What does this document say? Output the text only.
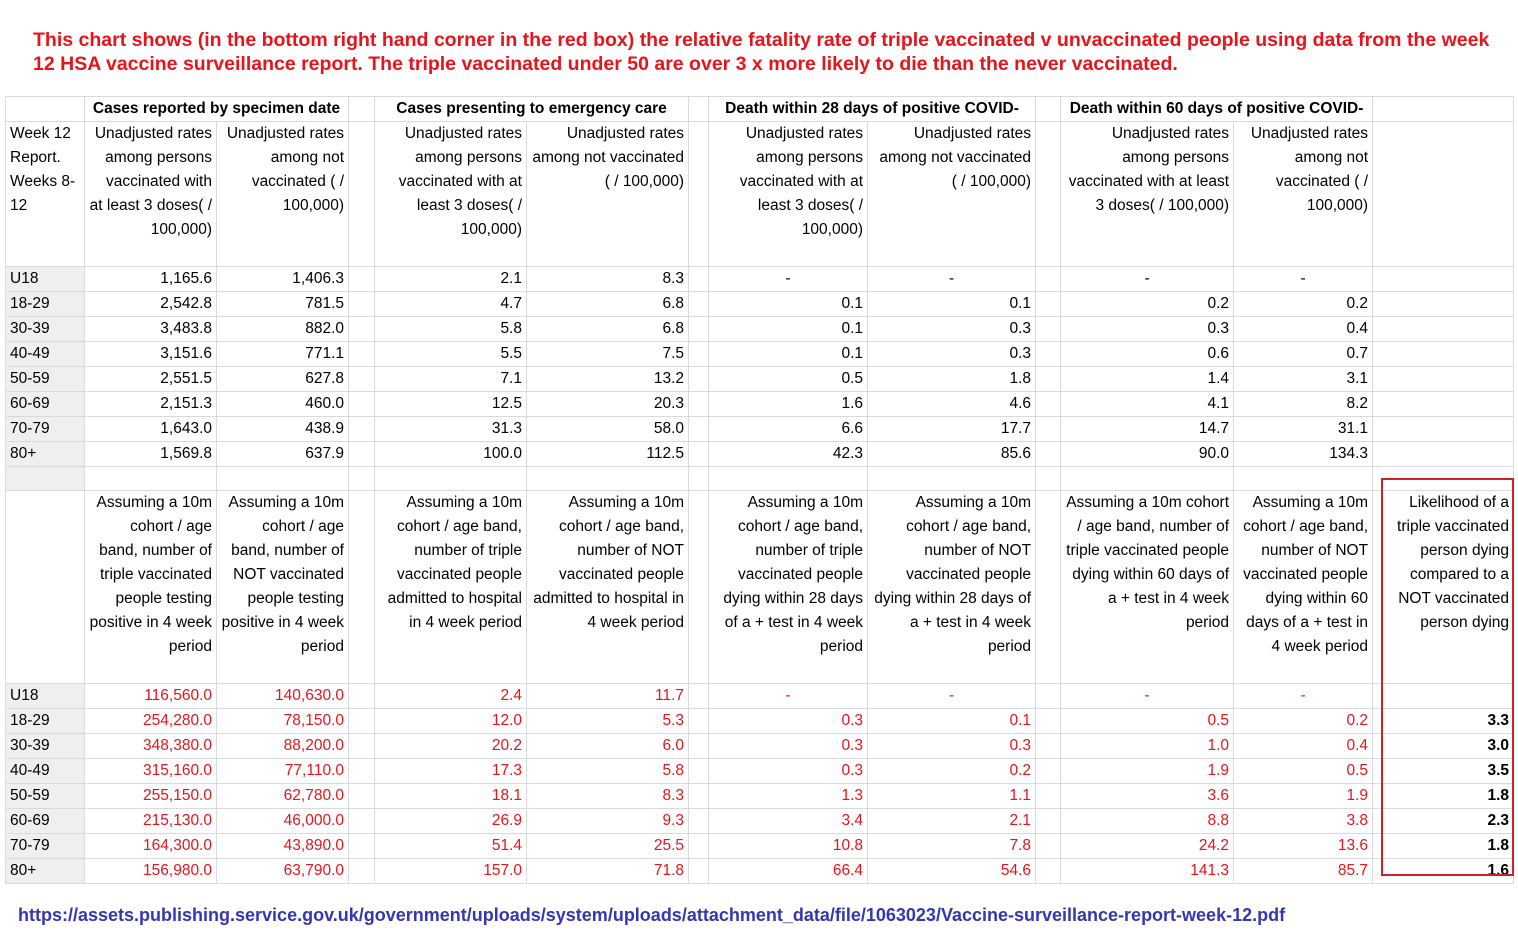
This chart shows (in the bottom right hand corner in the red box) the relative fatality rate of triple vaccinated v unvaccinated people using data from the week 12 HSA vaccine surveillance report. The triple vaccinated under 50 are over 3 x more likely to die than the never vaccinated.
	Cases reported by specimen date			Cases presenting to emergency care			Death within 28 days of positive COVID-			Death within 60 days of positive COVID-		
Week 12 Report. Weeks 8-12	Unadjusted rates among persons vaccinated with at least 3 doses( / 100,000)	Unadjusted rates among not vaccinated ( / 100,000)		Unadjusted rates among persons vaccinated with at least 3 doses( / 100,000)	Unadjusted rates among not vaccinated ( / 100,000)		Unadjusted rates among persons vaccinated with at least 3 doses( / 100,000)	Unadjusted rates among not vaccinated ( / 100,000)		Unadjusted rates among persons vaccinated with at least 3 doses( / 100,000)	Unadjusted rates among not vaccinated ( / 100,000)	
U18	1,165.6	1,406.3		2.1	8.3		-	-		-	-	
18-29	2,542.8	781.5		4.7	6.8		0.1	0.1		0.2	0.2	
30-39	3,483.8	882.0		5.8	6.8		0.1	0.3		0.3	0.4	
40-49	3,151.6	771.1		5.5	7.5		0.1	0.3		0.6	0.7	
50-59	2,551.5	627.8		7.1	13.2		0.5	1.8		1.4	3.1	
60-69	2,151.3	460.0		12.5	20.3		1.6	4.6		4.1	8.2	
70-79	1,643.0	438.9		31.3	58.0		6.6	17.7		14.7	31.1	
80+	1,569.8	637.9		100.0	112.5		42.3	85.6		90.0	134.3	

	Assuming a 10m cohort / age band, number of triple vaccinated people testing positive in 4 week period	Assuming a 10m cohort / age band, number of NOT vaccinated people testing positive in 4 week period		Assuming a 10m cohort / age band, number of triple vaccinated people admitted to hospital in 4 week period	Assuming a 10m cohort / age band, number of NOT vaccinated people admitted to hospital in 4 week period		Assuming a 10m cohort / age band, number of triple vaccinated people dying within 28 days of a + test in 4 week period	Assuming a 10m cohort / age band, number of NOT vaccinated people dying within 28 days of a + test in 4 week period		Assuming a 10m cohort / age band, number of triple vaccinated people dying within 60 days of a + test in 4 week period	Assuming a 10m cohort / age band, number of NOT vaccinated people dying within 60 days of a + test in 4 week period	Likelihood of a triple vaccinated person dying compared to a NOT vaccinated person dying
U18	116,560.0	140,630.0		2.4	11.7		-	-		-	-	
18-29	254,280.0	78,150.0		12.0	5.3		0.3	0.1		0.5	0.2	3.3
30-39	348,380.0	88,200.0		20.2	6.0		0.3	0.3		1.0	0.4	3.0
40-49	315,160.0	77,110.0		17.3	5.8		0.3	0.2		1.9	0.5	3.5
50-59	255,150.0	62,780.0		18.1	8.3		1.3	1.1		3.6	1.9	1.8
60-69	215,130.0	46,000.0		26.9	9.3		3.4	2.1		8.8	3.8	2.3
70-79	164,300.0	43,890.0		51.4	25.5		10.8	7.8		24.2	13.6	1.8
80+	156,980.0	63,790.0		157.0	71.8		66.4	54.6		141.3	85.7	1.6
https://assets.publishing.service.gov.uk/government/uploads/system/uploads/attachment_data/file/1063023/Vaccine-surveillance-report-week-12.pdf
